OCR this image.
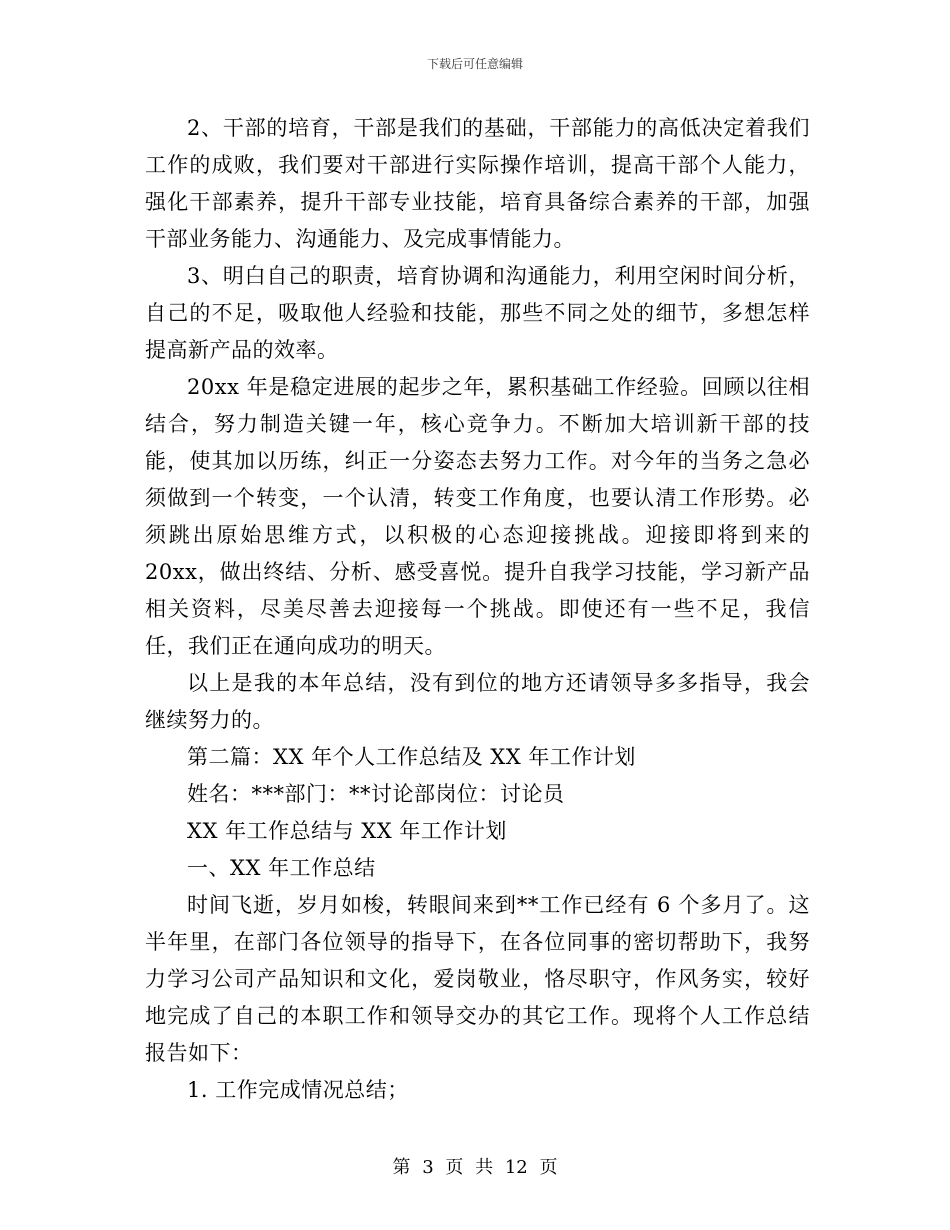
下载后可任意编辑

2、干部的培育，干部是我们的基础，干部能力的高低决定着我们工作的成败，我们要对干部进行实际操作培训，提高干部个人能力，强化干部素养，提升干部专业技能，培育具备综合素养的干部，加强干部业务能力、沟通能力、及完成事情能力。

3、明白自己的职责，培育协调和沟通能力，利用空闲时间分析，自己的不足，吸取他人经验和技能，那些不同之处的细节，多想怎样提高新产品的效率。

20xx 年是稳定进展的起步之年，累积基础工作经验。回顾以往相结合，努力制造关键一年，核心竞争力。不断加大培训新干部的技能，使其加以历练，纠正一分姿态去努力工作。对今年的当务之急必须做到一个转变，一个认清，转变工作角度，也要认清工作形势。必须跳出原始思维方式，以积极的心态迎接挑战。迎接即将到来的 20xx，做出终结、分析、感受喜悦。提升自我学习技能，学习新产品相关资料，尽美尽善去迎接每一个挑战。即使还有一些不足，我信任，我们正在通向成功的明天。

以上是我的本年总结，没有到位的地方还请领导多多指导，我会继续努力的。

第二篇：XX 年个人工作总结及 XX 年工作计划

姓名：***部门：**讨论部岗位：讨论员

XX 年工作总结与 XX 年工作计划

一、XX 年工作总结

时间飞逝，岁月如梭，转眼间来到**工作已经有 6 个多月了。这半年里，在部门各位领导的指导下，在各位同事的密切帮助下，我努力学习公司产品知识和文化，爱岗敬业，恪尽职守，作风务实，较好地完成了自己的本职工作和领导交办的其它工作。现将个人工作总结报告如下：

1. 工作完成情况总结；

第 3 页 共 12 页
